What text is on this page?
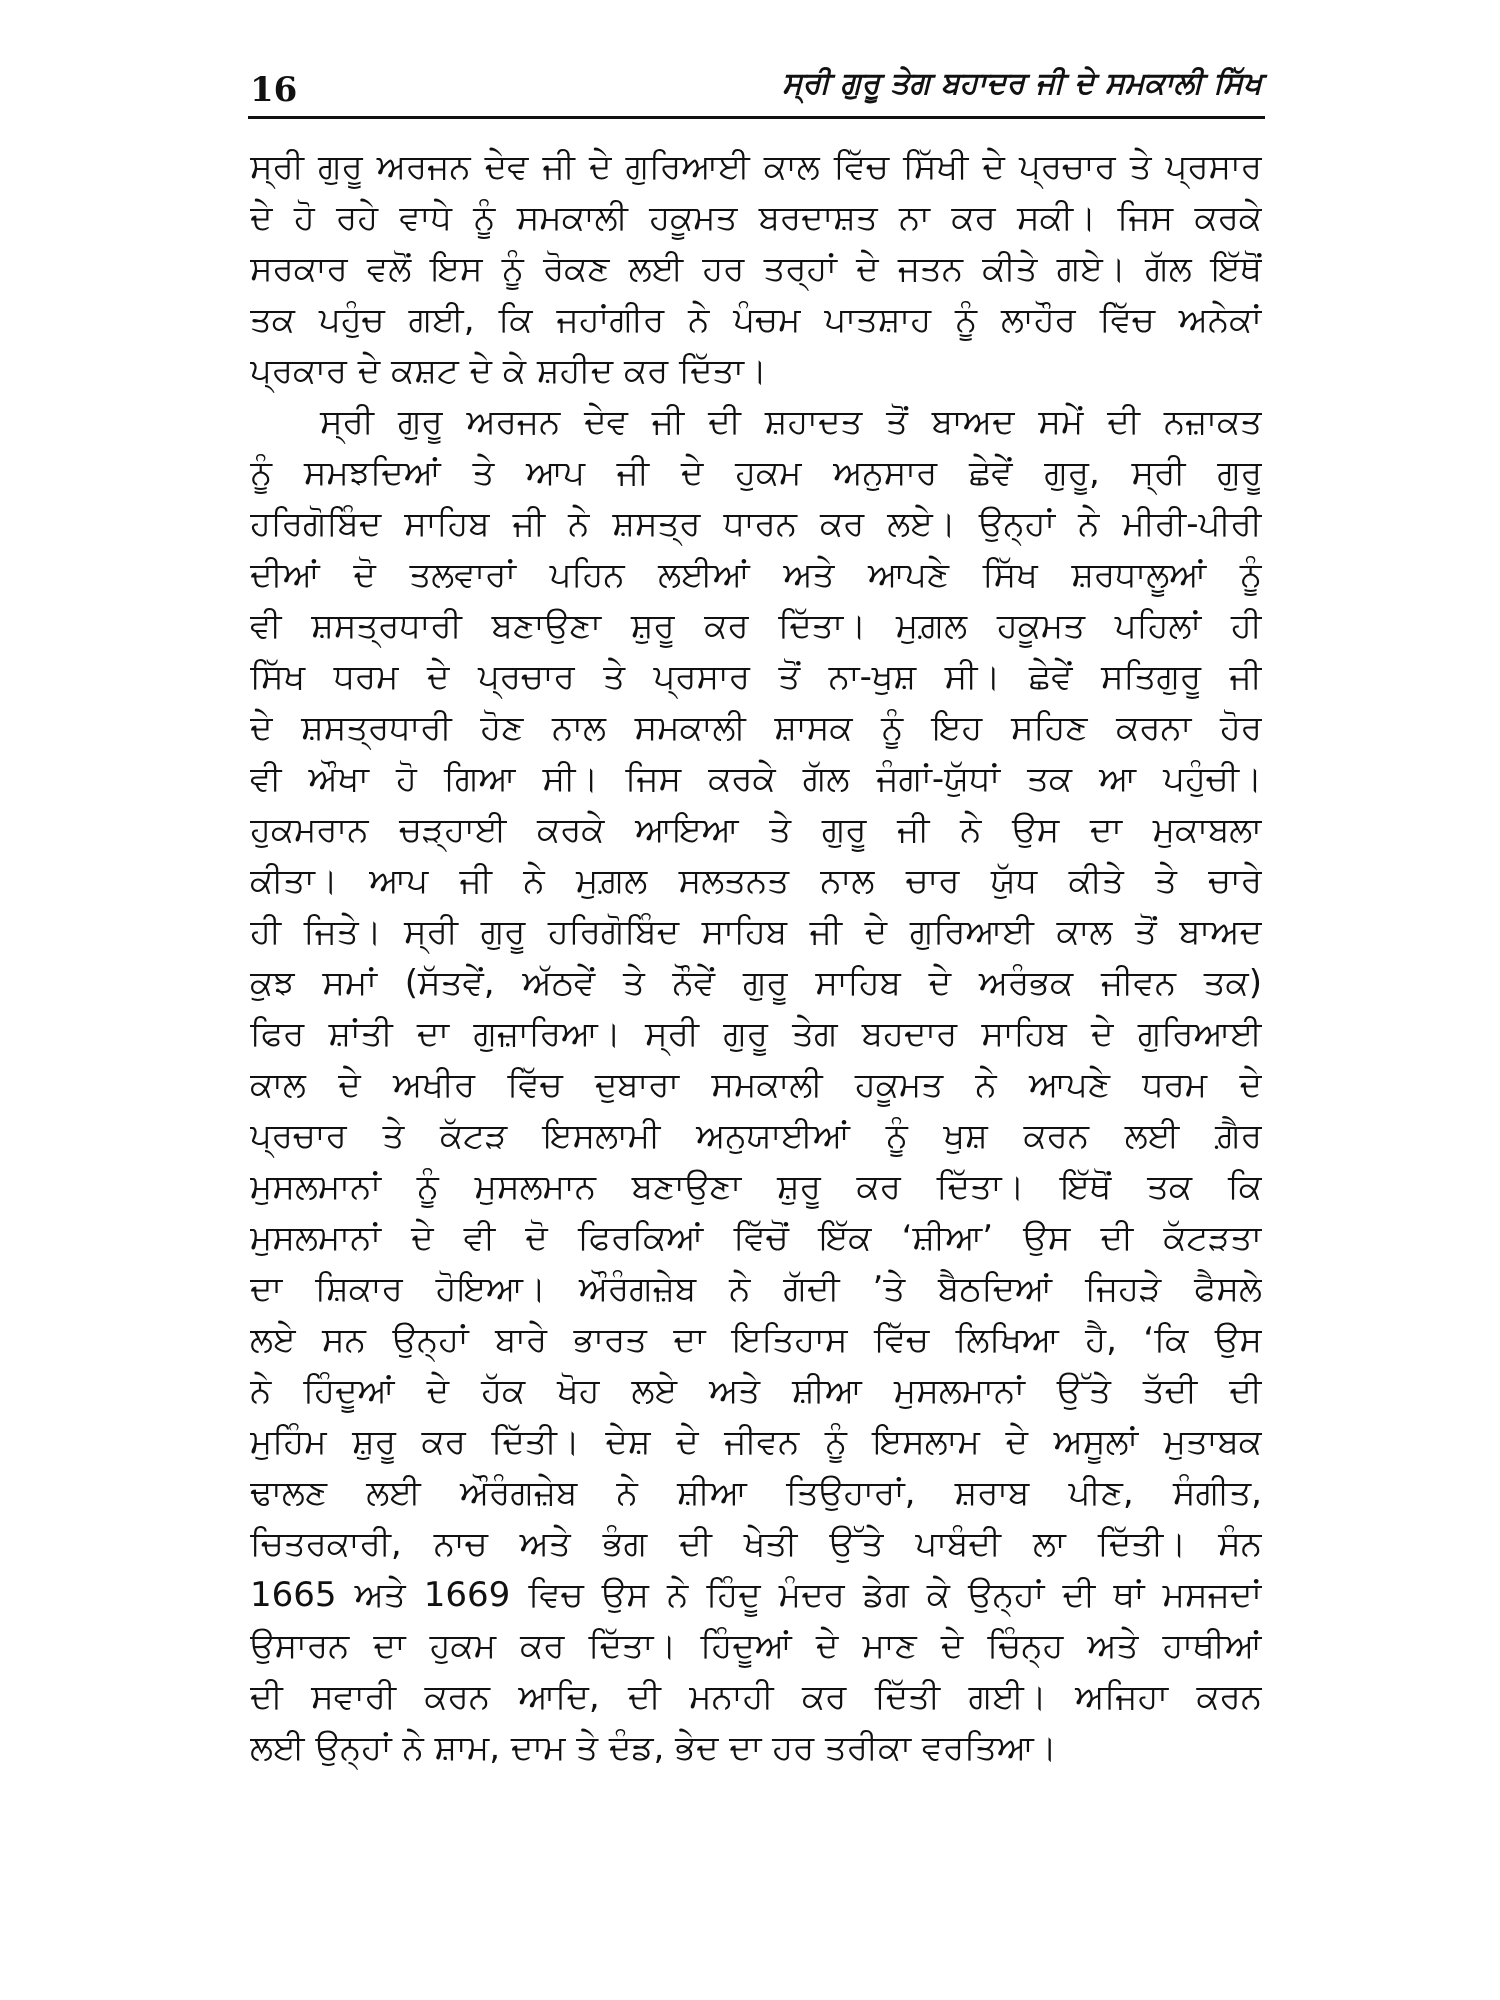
16	ਸ੍ਰੀ ਗੁਰੂ ਤੇਗ ਬਹਾਦਰ ਜੀ ਦੇ ਸਮਕਾਲੀ ਸਿੱਖ
ਸ੍ਰੀ ਗੁਰੂ ਅਰਜਨ ਦੇਵ ਜੀ ਦੇ ਗੁਰਿਆਈ ਕਾਲ ਵਿੱਚ ਸਿੱਖੀ ਦੇ ਪ੍ਰਚਾਰ ਤੇ ਪ੍ਰਸਾਰ
ਦੇ ਹੋ ਰਹੇ ਵਾਧੇ ਨੂੰ ਸਮਕਾਲੀ ਹਕੂਮਤ ਬਰਦਾਸ਼ਤ ਨਾ ਕਰ ਸਕੀ। ਜਿਸ ਕਰਕੇ
ਸਰਕਾਰ ਵਲੋਂ ਇਸ ਨੂੰ ਰੋਕਣ ਲਈ ਹਰ ਤਰ੍ਹਾਂ ਦੇ ਜਤਨ ਕੀਤੇ ਗਏ। ਗੱਲ ਇੱਥੋਂ
ਤਕ ਪਹੁੰਚ ਗਈ, ਕਿ ਜਹਾਂਗੀਰ ਨੇ ਪੰਚਮ ਪਾਤਸ਼ਾਹ ਨੂੰ ਲਾਹੌਰ ਵਿੱਚ ਅਨੇਕਾਂ
ਪ੍ਰਕਾਰ ਦੇ ਕਸ਼ਟ ਦੇ ਕੇ ਸ਼ਹੀਦ ਕਰ ਦਿੱਤਾ।
ਸ੍ਰੀ ਗੁਰੂ ਅਰਜਨ ਦੇਵ ਜੀ ਦੀ ਸ਼ਹਾਦਤ ਤੋਂ ਬਾਅਦ ਸਮੇਂ ਦੀ ਨਜ਼ਾਕਤ
ਨੂੰ ਸਮਝਦਿਆਂ ਤੇ ਆਪ ਜੀ ਦੇ ਹੁਕਮ ਅਨੁਸਾਰ ਛੇਵੇਂ ਗੁਰੂ, ਸ੍ਰੀ ਗੁਰੂ
ਹਰਿਗੋਬਿੰਦ ਸਾਹਿਬ ਜੀ ਨੇ ਸ਼ਸਤ੍ਰ ਧਾਰਨ ਕਰ ਲਏ। ਉਨ੍ਹਾਂ ਨੇ ਮੀਰੀ-ਪੀਰੀ
ਦੀਆਂ ਦੋ ਤਲਵਾਰਾਂ ਪਹਿਨ ਲਈਆਂ ਅਤੇ ਆਪਣੇ ਸਿੱਖ ਸ਼ਰਧਾਲੂਆਂ ਨੂੰ
ਵੀ ਸ਼ਸਤ੍ਰਧਾਰੀ ਬਣਾਉਣਾ ਸ਼ੁਰੂ ਕਰ ਦਿੱਤਾ। ਮੁਗ਼ਲ ਹਕੂਮਤ ਪਹਿਲਾਂ ਹੀ
ਸਿੱਖ ਧਰਮ ਦੇ ਪ੍ਰਚਾਰ ਤੇ ਪ੍ਰਸਾਰ ਤੋਂ ਨਾ-ਖੁਸ਼ ਸੀ। ਛੇਵੇਂ ਸਤਿਗੁਰੂ ਜੀ
ਦੇ ਸ਼ਸਤ੍ਰਧਾਰੀ ਹੋਣ ਨਾਲ ਸਮਕਾਲੀ ਸ਼ਾਸਕ ਨੂੰ ਇਹ ਸਹਿਣ ਕਰਨਾ ਹੋਰ
ਵੀ ਔਖਾ ਹੋ ਗਿਆ ਸੀ। ਜਿਸ ਕਰਕੇ ਗੱਲ ਜੰਗਾਂ-ਯੁੱਧਾਂ ਤਕ ਆ ਪਹੁੰਚੀ।
ਹੁਕਮਰਾਨ ਚੜ੍ਹਾਈ ਕਰਕੇ ਆਇਆ ਤੇ ਗੁਰੂ ਜੀ ਨੇ ਉਸ ਦਾ ਮੁਕਾਬਲਾ
ਕੀਤਾ। ਆਪ ਜੀ ਨੇ ਮੁਗ਼ਲ ਸਲਤਨਤ ਨਾਲ ਚਾਰ ਯੁੱਧ ਕੀਤੇ ਤੇ ਚਾਰੇ
ਹੀ ਜਿਤੇ। ਸ੍ਰੀ ਗੁਰੂ ਹਰਿਗੋਬਿੰਦ ਸਾਹਿਬ ਜੀ ਦੇ ਗੁਰਿਆਈ ਕਾਲ ਤੋਂ ਬਾਅਦ
ਕੁਝ ਸਮਾਂ (ਸੱਤਵੇਂ, ਅੱਠਵੇਂ ਤੇ ਨੌਵੇਂ ਗੁਰੂ ਸਾਹਿਬ ਦੇ ਅਰੰਭਕ ਜੀਵਨ ਤਕ)
ਫਿਰ ਸ਼ਾਂਤੀ ਦਾ ਗੁਜ਼ਾਰਿਆ। ਸ੍ਰੀ ਗੁਰੂ ਤੇਗ ਬਹਦਾਰ ਸਾਹਿਬ ਦੇ ਗੁਰਿਆਈ
ਕਾਲ ਦੇ ਅਖੀਰ ਵਿੱਚ ਦੁਬਾਰਾ ਸਮਕਾਲੀ ਹਕੂਮਤ ਨੇ ਆਪਣੇ ਧਰਮ ਦੇ
ਪ੍ਰਚਾਰ ਤੇ ਕੱਟੜ ਇਸਲਾਮੀ ਅਨੁਯਾਈਆਂ ਨੂੰ ਖੁਸ਼ ਕਰਨ ਲਈ ਗ਼ੈਰ
ਮੁਸਲਮਾਨਾਂ ਨੂੰ ਮੁਸਲਮਾਨ ਬਣਾਉਣਾ ਸ਼ੁਰੂ ਕਰ ਦਿੱਤਾ। ਇੱਥੋਂ ਤਕ ਕਿ
ਮੁਸਲਮਾਨਾਂ ਦੇ ਵੀ ਦੋ ਫਿਰਕਿਆਂ ਵਿੱਚੋਂ ਇੱਕ ‘ਸ਼ੀਆ’ ਉਸ ਦੀ ਕੱਟੜਤਾ
ਦਾ ਸ਼ਿਕਾਰ ਹੋਇਆ। ਔਰੰਗਜ਼ੇਬ ਨੇ ਗੱਦੀ ’ਤੇ ਬੈਠਦਿਆਂ ਜਿਹੜੇ ਫੈਸਲੇ
ਲਏ ਸਨ ਉਨ੍ਹਾਂ ਬਾਰੇ ਭਾਰਤ ਦਾ ਇਤਿਹਾਸ ਵਿੱਚ ਲਿਖਿਆ ਹੈ, ‘ਕਿ ਉਸ
ਨੇ ਹਿੰਦੂਆਂ ਦੇ ਹੱਕ ਖੋਹ ਲਏ ਅਤੇ ਸ਼ੀਆ ਮੁਸਲਮਾਨਾਂ ਉੱਤੇ ਤੱਦੀ ਦੀ
ਮੁਹਿੰਮ ਸ਼ੁਰੂ ਕਰ ਦਿੱਤੀ। ਦੇਸ਼ ਦੇ ਜੀਵਨ ਨੂੰ ਇਸਲਾਮ ਦੇ ਅਸੂਲਾਂ ਮੁਤਾਬਕ
ਢਾਲਣ ਲਈ ਔਰੰਗਜ਼ੇਬ ਨੇ ਸ਼ੀਆ ਤਿਉਹਾਰਾਂ, ਸ਼ਰਾਬ ਪੀਣ, ਸੰਗੀਤ,
ਚਿਤਰਕਾਰੀ, ਨਾਚ ਅਤੇ ਭੰਗ ਦੀ ਖੇਤੀ ਉੱਤੇ ਪਾਬੰਦੀ ਲਾ ਦਿੱਤੀ। ਸੰਨ
1665 ਅਤੇ 1669 ਵਿਚ ਉਸ ਨੇ ਹਿੰਦੂ ਮੰਦਰ ਡੇਗ ਕੇ ਉਨ੍ਹਾਂ ਦੀ ਥਾਂ ਮਸਜਦਾਂ
ਉਸਾਰਨ ਦਾ ਹੁਕਮ ਕਰ ਦਿੱਤਾ। ਹਿੰਦੂਆਂ ਦੇ ਮਾਣ ਦੇ ਚਿੰਨ੍ਹ ਅਤੇ ਹਾਥੀਆਂ
ਦੀ ਸਵਾਰੀ ਕਰਨ ਆਦਿ, ਦੀ ਮਨਾਹੀ ਕਰ ਦਿੱਤੀ ਗਈ। ਅਜਿਹਾ ਕਰਨ
ਲਈ ਉਨ੍ਹਾਂ ਨੇ ਸ਼ਾਮ, ਦਾਮ ਤੇ ਦੰਡ, ਭੇਦ ਦਾ ਹਰ ਤਰੀਕਾ ਵਰਤਿਆ।
